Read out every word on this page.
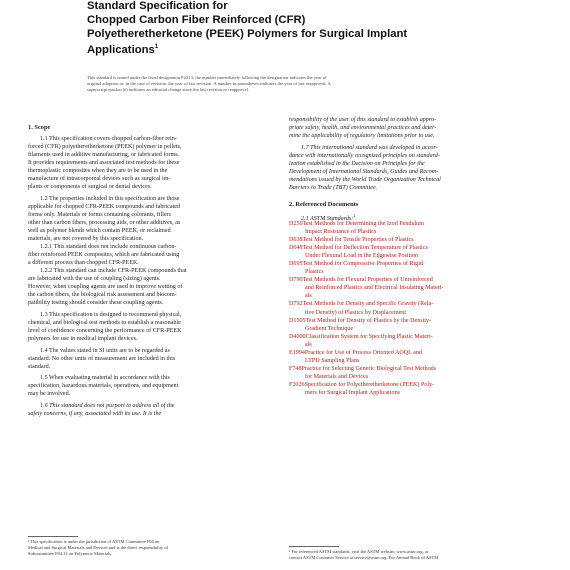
Standard Specification for
Chopped Carbon Fiber Reinforced (CFR)
Polyetheretherketone (PEEK) Polymers for Surgical Implant
Applications$^1$
This standard is issued under the fixed designation F2313; the number immediately following the designation indicates the year of
original adoption or, in the case of revision, the year of last revision. A number in parentheses indicates the year of last reapproval. A
superscript epsilon (ε) indicates an editorial change since the last revision or reapproval.
1. Scope
1.1 This specification covers chopped carbon-fiber rein-
forced (CFR) polyetheretherketone (PEEK) polymer in pellets,
filaments used in additive manufacturing, or fabricated forms.
It provides requirements and associated test methods for these
thermoplastic composites when they are to be used in the
manufacture of intracorporeal devices such as surgical im-
plants or components of surgical or dental devices.
1.2 The properties included in this specification are those
applicable for chopped CFR-PEEK compounds and fabricated
forms only. Materials or forms containing colorants, fillers
other than carbon fibers, processing aids, or other additives, as
well as polymer blends which contain PEEK, or reclaimed
materials, are not covered by this specification.
1.2.1 This standard does not include continuous carbon-
fiber reinforced PEEK composites, which are fabricated using
a different process than chopped CFR-PEEK.
1.2.2 This standard can include CFR-PEEK compounds that
are fabricated with the use of coupling (sizing) agents.
However, when coupling agents are used to improve wetting of
the carbon fibers, the biological risk assessment and biocom-
patibility testing should consider these coupling agents.
1.3 This specification is designed to recommend physical,
chemical, and biological test methods to establish a reasonable
level of confidence concerning the performance of CFR-PEEK
polymers for use in medical implant devices.
1.4 The values stated in SI units are to be regarded as
standard. No other units of measurement are included in this
standard.
1.5 When evaluating material in accordance with this
specification, hazardous materials, operations, and equipment
may be involved.
1.6 This standard does not purport to address all of the
safety concerns, if any, associated with its use. It is the
responsibility of the user of this standard to establish appro-
priate safety, health, and environmental practices and deter-
mine the applicability of regulatory limitations prior to use.
1.7 This international standard was developed in accor-
dance with internationally recognized principles on standard-
ization established in the Decision on Principles for the
Development of International Standards, Guides and Recom-
mendations issued by the World Trade Organization Technical
Barriers to Trade (TBT) Committee.
2. Referenced Documents
2.1 ASTM Standards:$^2$
D256Test Methods for Determining the Izod Pendulum
Impact Resistance of Plastics
D638Test Method for Tensile Properties of Plastics
D648Test Method for Deflection Temperature of Plastics
Under Flexural Load in the Edgewise Position
D695Test Method for Compressive Properties of Rigid
Plastics
D790Test Methods for Flexural Properties of Unreinforced
and Reinforced Plastics and Electrical Insulating Materi-
als
D792Test Methods for Density and Specific Gravity (Rela-
tive Density) of Plastics by Displacement
D1505Test Method for Density of Plastics by the Density-
Gradient Technique
D4000Classification System for Specifying Plastic Materi-
als
E1994Practice for Use of Process Oriented AOQL and
LTPD Sampling Plans
F748Practice for Selecting Generic Biological Test Methods
for Materials and Devices
F2026Specification for Polyetheretherketone (PEEK) Poly-
mers for Surgical Implant Applications
¹ This specification is under the jurisdiction of ASTM Committee F04 on
Medical and Surgical Materials and Devices and is the direct responsibility of
Subcommittee F04.11 on Polymeric Materials.	² For referenced ASTM standards, visit the ASTM website, www.astm.org, or
contact ASTM Customer Service at service@astm.org. For Annual Book of ASTM
